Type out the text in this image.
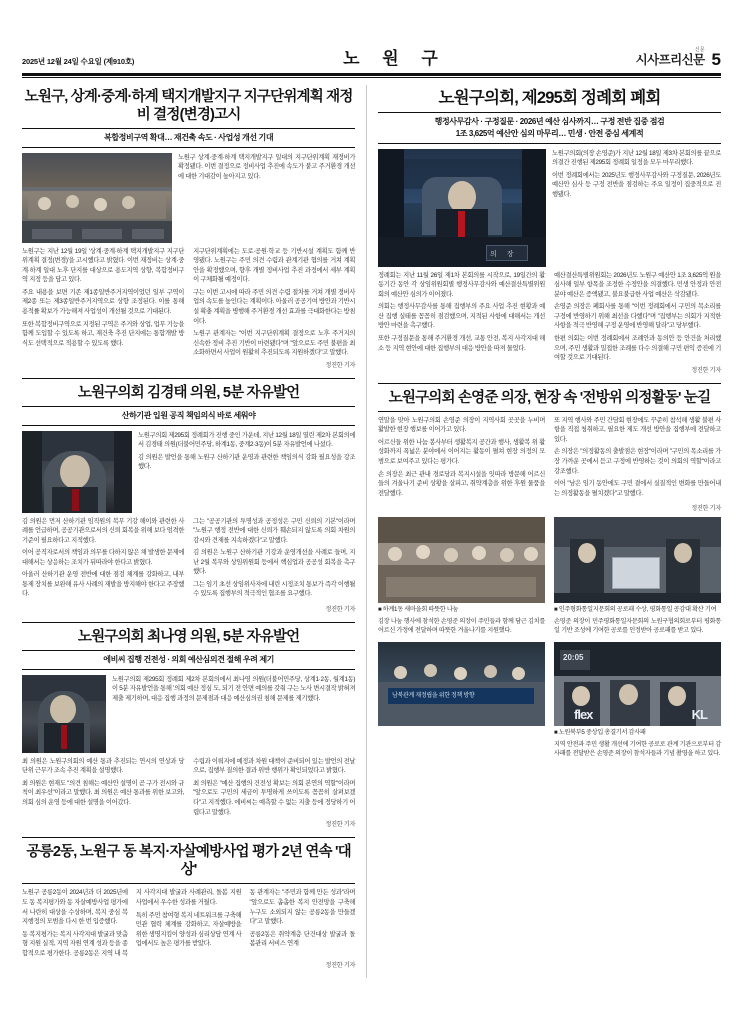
2025년 12월 24일 수요일 (제910호)	노 원 구	시사프리신문
신문 5
노원구, 상계·중계·하계 택지개발지구 지구단위계획 재정비 결정(변경)고시
복합정비구역 확대… 재건축 속도 · 사업성 개선 기대

노원구 상계·중계·하계 택지개발지구 일대의 지구단위계획 재정비가 확정됐다. 이번 결정으로 정비사업 추진에 속도가 붙고 주거환경 개선에 대한 기대감이 높아지고 있다.

노원구는 지난 12월 19일 '상계·중계·하계 택지개발지구 지구단위계획 결정(변경)'을 고시했다고 밝혔다. 이번 재정비는 상계·중계·하계 일대 노후 단지를 대상으로 용도지역 상향, 복합정비구역 지정 등을 담고 있다.

주요 내용을 보면 기존 제1종일반주거지역이었던 일부 구역이 제2종 또는 제3종일반주거지역으로 상향 조정된다. 이를 통해 용적률 확보가 가능해져 사업성이 개선될 것으로 기대된다.

또한 복합정비구역으로 지정된 구역은 주거와 상업, 업무 기능을 함께 도입할 수 있도록 하고, 재건축 추진 단지에는 통합개발 방식도 선택적으로 적용할 수 있도록 했다.

지구단위계획에는 도로·공원·학교 등 기반시설 계획도 함께 반영됐다. 노원구는 주민 의견 수렴과 관계기관 협의를 거쳐 계획안을 확정했으며, 향후 개별 정비사업 추진 과정에서 세부 계획이 구체화될 예정이다.

구는 이번 고시에 따라 주민 의견 수렴 절차를 거쳐 개별 정비사업의 속도를 높인다는 계획이다. 아울러 공공기여 방안과 기반시설 확충 계획을 병행해 주거환경 개선 효과를 극대화한다는 방침이다.

노원구 관계자는 "이번 지구단위계획 결정으로 노후 주거지의 신속한 정비 추진 기반이 마련됐다"며 "앞으로도 주민 불편을 최소화하면서 사업이 원활히 추진되도록 지원하겠다"고 말했다.

정진한 기자
노원구의회 김경태 의원, 5분 자유발언
산하기관 입원 공직 책임의식 바로 세워야

노원구의회 제295회 정례회가 진행 중인 가운데, 지난 12월 18일 열린 제2차 본회의에서 김경태 의원(더불어민주당, 하계1동, 중계2·3동)이 5분 자유발언에 나섰다.

김 의원은 발언을 통해 노원구 산하기관 운영과 관련한 책임의식 강화 필요성을 강조했다.

김 의원은 먼저 산하기관 임직원의 복무 기강 해이와 관련한 사례를 언급하며, 공공기관으로서의 신뢰 회복을 위해 보다 엄격한 기준이 필요하다고 지적했다.

이어 공직자로서의 책임과 의무를 다하지 않은 채 발생한 문제에 대해서는 상응하는 조치가 뒤따라야 한다고 밝혔다.

아울러 산하기관 운영 전반에 대한 점검 체계를 강화하고, 내부 통제 장치를 보완해 유사 사례의 재발을 방지해야 한다고 주장했다.

그는 "공공기관의 투명성과 공정성은 구민 신뢰의 기본"이라며 "노원구 행정 전반에 대한 신뢰가 훼손되지 않도록 의회 차원의 감시와 견제를 지속하겠다"고 말했다.

김 의원은 노원구 산하기관 기강과 운영개선을 사례로 들며, 지난 2월 복무와 상임위원회 등에서 핵심업과 공공성 회복을 촉구했다.

그는 임기 초선 상임위사자에 내린 시정조치 통보가 즉각 이행될 수 있도록 집행부의 적극적인 협조를 요구했다.

정진한 기자
노원구의회 최나영 의원, 5분 자유발언
에비씨 집행 건전성 · 의회 예산심의견 절해 우려 제기

노원구의회 제295회 정례회 제2차 본회의에서 최나영 의원(더불어민주당, 상계1·2동, 월계1동)이 5분 자유발언을 통해 '의회 예산 정심 도, 되기 전 안면 예의를 갖춰 구는 노사 변시결작 밝혀져 제출 제기하며, 대응 집행 과정의 문제점과 대응 예산심의권 침해 문제를 제기했다.

최 의원은 노원구의회의 예산 통과 추진되는 연시의 연상과 당 단위 근무가 조속 추진 계획을 설명했다.

최 의원은 현재도 "의견 침해는 예산안 설명이 곧 구가 전시와 규칙이 최우선"이라고 말했다. 최 의원은 예산 통과를 위한 보고와, 의회 심의 운영 등에 대한 설명을 이어갔다.

수립과 이뤄지에 예정과 차원 대책이 준비되어 있는 발언의 전날으로, 집행부 질의한 결과 위반 행위가 확인되었다고 밝혔다.

최 의원은 "예산 집행의 건전성 확보는 의회 본연의 역할"이라며 "앞으로도 구민의 세금이 투명하게 쓰이도록 꼼꼼히 살펴보겠다"고 지적했다. 에비씨는 예측할 수 없는 지출 등에 정당하기 어렵다고 말했다.

정진한 기자
공릉2동, 노원구 동 복지·자살예방사업 평가 2년 연속 '대상'

노원구 공릉2동이 2024년과 더 2025년에도 동 복지평가와 동 자살예방사업 평가에서 나란히 대상을 수상하며, 복지 중심 복지행정의 모범을 다시 한 번 입증했다.

동 복지평가는 복지 사각지대 발굴과 맞춤형 지원 실적, 지역 자원 연계 성과 등을 종합적으로 평가한다. 공릉2동은 지역 내 복지 사각지대 발굴과 사례관리, 돌봄 지원 사업에서 우수한 성과를 거뒀다.

특히 주민 참여형 복지 네트워크를 구축해 민관 협력 체계를 강화하고, 자살예방을 위한 생명지킴이 양성과 심리상담 연계 사업에서도 높은 평가를 받았다.

동 관계자는 "주민과 함께 만든 성과"라며 "앞으로도 촘촘한 복지 안전망을 구축해 누구도 소외되지 않는 공릉2동을 만들겠다"고 말했다.

공릉2동은 취약계층 단건대상 발굴과 돌봄관리 서비스 연계

정진한 기자
노원구의회, 제295회 정례회 폐회
행정사무감사 · 구정질문 · 2026년 예산 심사까지… 구정 전반 집중 점검
1조 3,625억 예산안 심의 마무리… 민생 · 안전 중심 세계적
의 장

노원구의회(의장 손영준)가 지난 12월 18일 제3차 본회의를 끝으로 의결간 진행된 제295회 정례회 일정을 모두 마무리했다.

이번 정례회에서는 2025년도 행정사무감사와 구정질문, 2026년도 예산안 심사 등 구정 전반을 점검하는 주요 일정이 집중적으로 진행됐다.

정례회는 지난 11월 26일 제1차 본회의를 시작으로, 19일간의 활동기간 동안 각 상임위원회별 행정사무감사와 예산결산특별위원회의 예산안 심의가 이어졌다.

의회는 행정사무감사를 통해 집행부의 주요 사업 추진 현황과 예산 집행 실태를 꼼꼼히 점검했으며, 지적된 사항에 대해서는 개선 방안 마련을 촉구했다.

또한 구정질문을 통해 주거환경 개선, 교통 안전, 복지 사각지대 해소 등 지역 현안에 대한 집행부의 대응 방안을 따져 물었다.

예산결산특별위원회는 2026년도 노원구 예산안 1조 3,625억 원을 심사해 일부 항목을 조정한 수정안을 의결했다. 민생 안정과 안전 분야 예산은 증액됐고, 불요불급한 사업 예산은 삭감됐다.

손영준 의장은 폐회사를 통해 "이번 정례회에서 구민의 목소리를 구정에 반영하기 위해 최선을 다했다"며 "집행부는 의회가 지적한 사항을 적극 반영해 구정 운영에 반영해 달라"고 당부했다.

한편 의회는 이번 정례회에서 조례안과 동의안 등 안건을 처리했으며, 주민 생활과 밀접한 조례를 다수 의결해 구민 편익 증진에 기여할 것으로 기대된다.

정진한 기자
노원구의회 손영준 의장, 현장 속 '전방위 의정활동' 눈길

연말을 맞아 노원구의회 손영준 의장이 지역사회 곳곳을 누비며 활발한 현장 행보를 이어가고 있다.

어르신들 위한 나눔 봉사부터 생활복지 공간과 행사, 생활복 위 활성화까지 폭넓은 분야에서 이어지는 활동이 펼쳐 현장 의정의 모범으로 보여주고 있다는 평가다.

손 의장은 최근 관내 경로당과 복지시설을 잇따라 방문해 어르신들의 겨울나기 준비 상황을 살피고, 취약계층을 위한 후원 물품을 전달했다.

또 지역 행사와 주민 간담회 현장에도 꾸준히 참석해 생활 불편 사항을 직접 청취하고, 필요한 제도 개선 방안을 집행부에 전달하고 있다.

손 의장은 "의정활동의 출발점은 현장"이라며 "구민의 목소리를 가장 가까운 곳에서 듣고 구정에 반영하는 것이 의회의 역할"이라고 강조했다.

이어 "남은 임기 동안에도 구민 곁에서 실질적인 변화를 만들어내는 의정활동을 펼치겠다"고 말했다.

정진한 기자
■ 하계1동 새마을회 따뜻한 나눔
김장 나눔 행사에 참석한 손영준 의장이 주민들과 함께 담근 김치를 어르신 가정에 전달하며 따뜻한 겨울나기를 지원했다.
■ 인주형화통일지문회의 공로패 수상, 평화통일 공감대 확산 기여
손영준 의장이 민주평화통일자문회의 노원구협의회로부터 평화통일 기반 조성에 기여한 공로를 인정받아 공로패를 받고 있다.
남북관계 재정립을 위한 정책 방향
20:05
flex	KL
■ 노원북부5 중상입 총결기서 감사패
지역 안전과 주민 생활 개선에 기여한 공로로 관계 기관으로부터 감사패를 전달받은 손영준 의장이 참석자들과 기념 촬영을 하고 있다.
